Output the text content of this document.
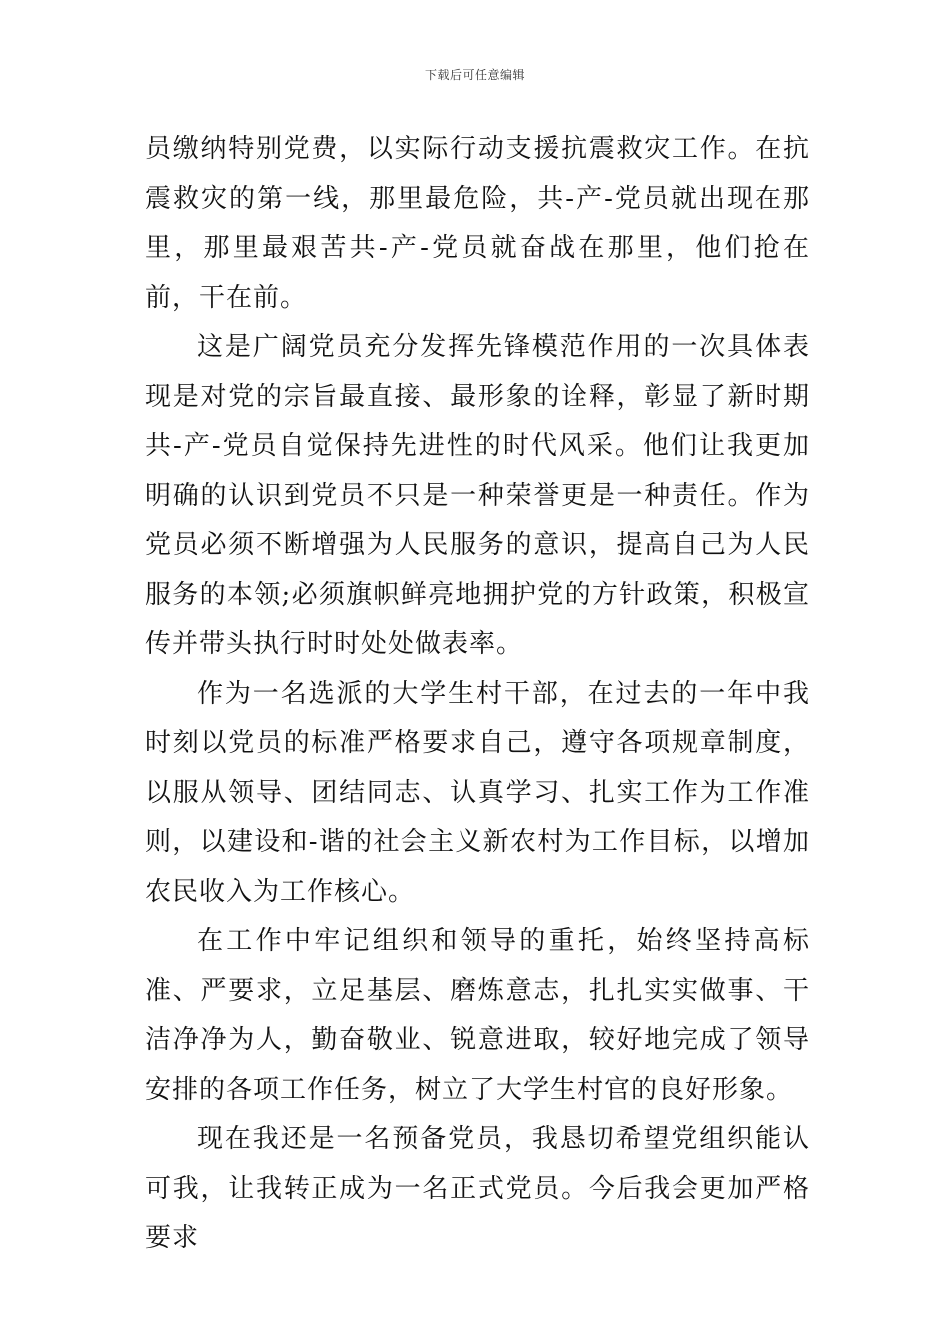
下载后可任意编辑

员缴纳特别党费，以实际行动支援抗震救灾工作。在抗震救灾的第一线，那里最危险，共-产-党员就出现在那里，那里最艰苦共-产-党员就奋战在那里，他们抢在前，干在前。

这是广阔党员充分发挥先锋模范作用的一次具体表现是对党的宗旨最直接、最形象的诠释，彰显了新时期共-产-党员自觉保持先进性的时代风采。他们让我更加明确的认识到党员不只是一种荣誉更是一种责任。作为党员必须不断增强为人民服务的意识，提高自己为人民服务的本领;必须旗帜鲜亮地拥护党的方针政策，积极宣传并带头执行时时处处做表率。

作为一名选派的大学生村干部，在过去的一年中我时刻以党员的标准严格要求自己，遵守各项规章制度，以服从领导、团结同志、认真学习、扎实工作为工作准则，以建设和-谐的社会主义新农村为工作目标，以增加农民收入为工作核心。

在工作中牢记组织和领导的重托，始终坚持高标准、严要求，立足基层、磨炼意志，扎扎实实做事、干洁净净为人，勤奋敬业、锐意进取，较好地完成了领导安排的各项工作任务，树立了大学生村官的良好形象。

现在我还是一名预备党员，我恳切希望党组织能认可我，让我转正成为一名正式党员。今后我会更加严格要求
